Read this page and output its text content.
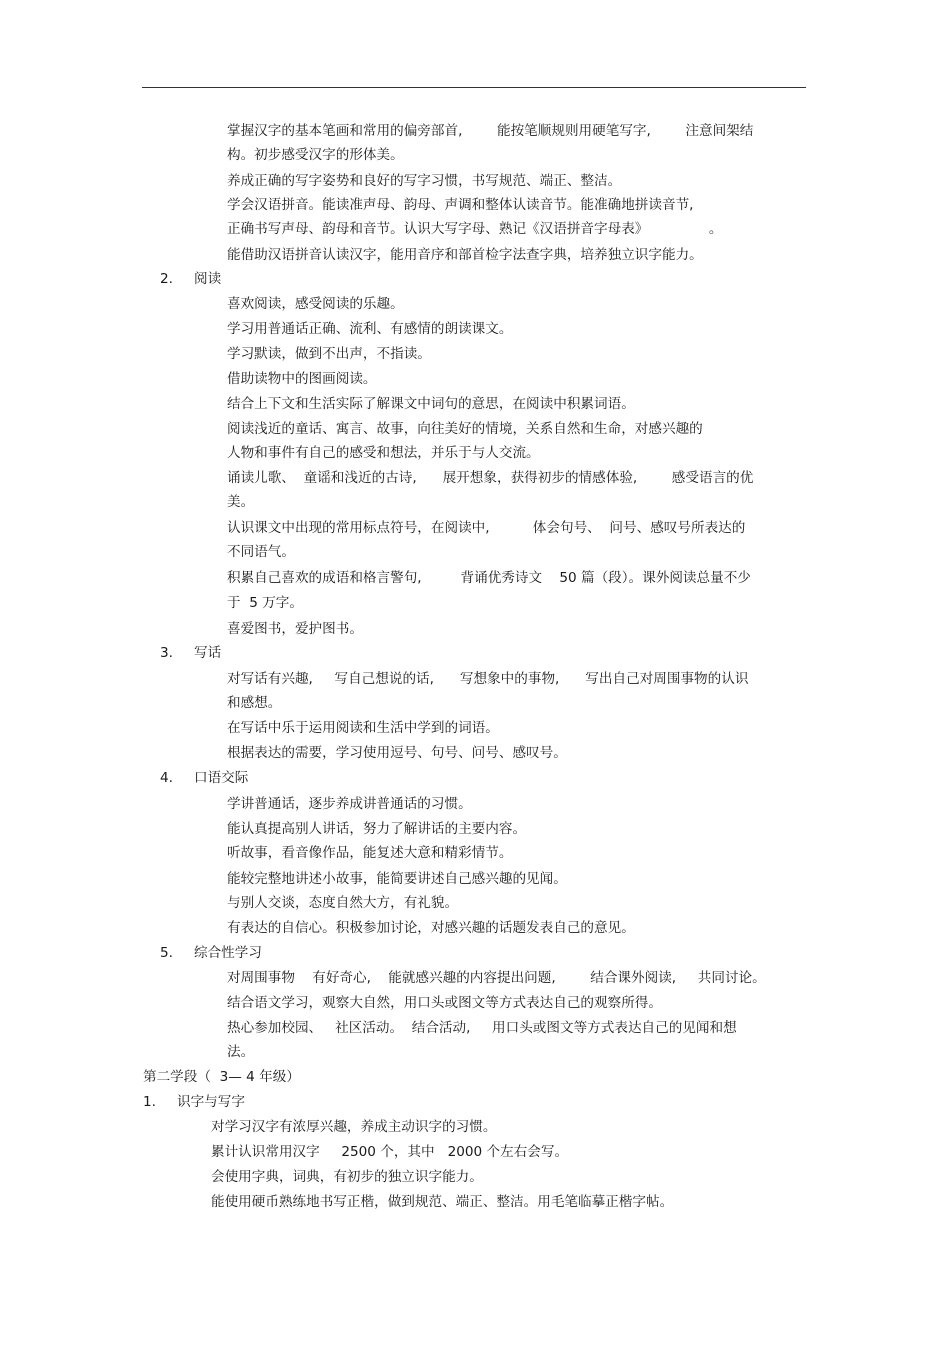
掌握汉字的基本笔画和常用的偏旁部首,        能按笔顺规则用硬笔写字,        注意间架结
构。初步感受汉字的形体美。
养成正确的写字姿势和良好的写字习惯，书写规范、端正、整洁。
学会汉语拼音。能读准声母、韵母、声调和整体认读音节。能准确地拼读音节,
正确书写声母、韵母和音节。认识大写字母、熟记《汉语拼音字母表》              。
能借助汉语拼音认读汉字，能用音序和部首检字法查字典，培养独立识字能力。
2. 阅读
喜欢阅读，感受阅读的乐趣。
学习用普通话正确、流利、有感情的朗读课文。
学习默读，做到不出声，不指读。
借助读物中的图画阅读。
结合上下文和生活实际了解课文中词句的意思，在阅读中积累词语。
阅读浅近的童话、寓言、故事，向往美好的情境，关系自然和生命，对感兴趣的
人物和事件有自己的感受和想法，并乐于与人交流。
诵读儿歌、  童谣和浅近的古诗,      展开想象，获得初步的情感体验,        感受语言的优
美。
认识课文中出现的常用标点符号，在阅读中,          体会句号、  问号、感叹号所表达的
不同语气。
积累自己喜欢的成语和格言警句,         背诵优秀诗文    50 篇（段）。课外阅读总量不少
于  5 万字。
喜爱图书，爱护图书。
3. 写话
对写话有兴趣,     写自己想说的话,      写想象中的事物,      写出自己对周围事物的认识
和感想。
在写话中乐于运用阅读和生活中学到的词语。
根据表达的需要，学习使用逗号、句号、问号、感叹号。
4. 口语交际
学讲普通话，逐步养成讲普通话的习惯。
能认真提高别人讲话，努力了解讲话的主要内容。
听故事，看音像作品，能复述大意和精彩情节。
能较完整地讲述小故事，能简要讲述自己感兴趣的见闻。
与别人交谈，态度自然大方，有礼貌。
有表达的自信心。积极参加讨论，对感兴趣的话题发表自己的意见。
5. 综合性学习
对周围事物    有好奇心,    能就感兴趣的内容提出问题,        结合课外阅读,     共同讨论。
结合语文学习，观察大自然，用口头或图文等方式表达自己的观察所得。
热心参加校园、   社区活动。  结合活动,     用口头或图文等方式表达自己的见闻和想
法。
第二学段（  3— 4 年级）
1. 识字与写字
对学习汉字有浓厚兴趣，养成主动识字的习惯。
累计认识常用汉字     2500 个，其中   2000 个左右会写。
会使用字典，词典，有初步的独立识字能力。
能使用硬币熟练地书写正楷，做到规范、端正、整洁。用毛笔临摹正楷字帖。
